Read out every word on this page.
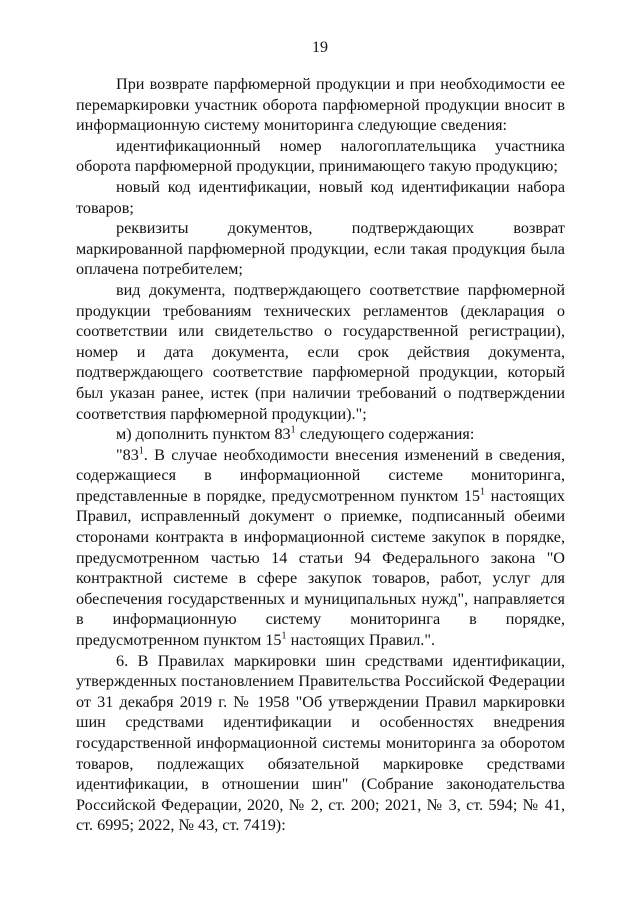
19

При возврате парфюмерной продукции и при необходимости ее перемаркировки участник оборота парфюмерной продукции вносит в информационную систему мониторинга следующие сведения:

идентификационный номер налогоплательщика участника оборота парфюмерной продукции, принимающего такую продукцию;

новый код идентификации, новый код идентификации набора товаров;

реквизиты документов, подтверждающих возврат маркированной парфюмерной продукции, если такая продукция была оплачена потребителем;

вид документа, подтверждающего соответствие парфюмерной продукции требованиям технических регламентов (декларация о соответствии или свидетельство о государственной регистрации), номер и дата документа, если срок действия документа, подтверждающего соответствие парфюмерной продукции, который был указан ранее, истек (при наличии требований о подтверждении соответствия парфюмерной продукции).";

м) дополнить пунктом $83^1$ следующего содержания:

"$83^1$. В случае необходимости внесения изменений в сведения, содержащиеся в информационной системе мониторинга, представленные в порядке, предусмотренном пунктом $15^1$ настоящих Правил, исправленный документ о приемке, подписанный обеими сторонами контракта в информационной системе закупок в порядке, предусмотренном частью 14 статьи 94 Федерального закона "О контрактной системе в сфере закупок товаров, работ, услуг для обеспечения государственных и муниципальных нужд", направляется в информационную систему мониторинга в порядке, предусмотренном пунктом $15^1$ настоящих Правил.".

6. В Правилах маркировки шин средствами идентификации, утвержденных постановлением Правительства Российской Федерации от 31 декабря 2019 г. № 1958 "Об утверждении Правил маркировки шин средствами идентификации и особенностях внедрения государственной информационной системы мониторинга за оборотом товаров, подлежащих обязательной маркировке средствами идентификации, в отношении шин" (Собрание законодательства Российской Федерации, 2020, № 2, ст. 200; 2021, № 3, ст. 594; № 41, ст. 6995; 2022, № 43, ст. 7419):
